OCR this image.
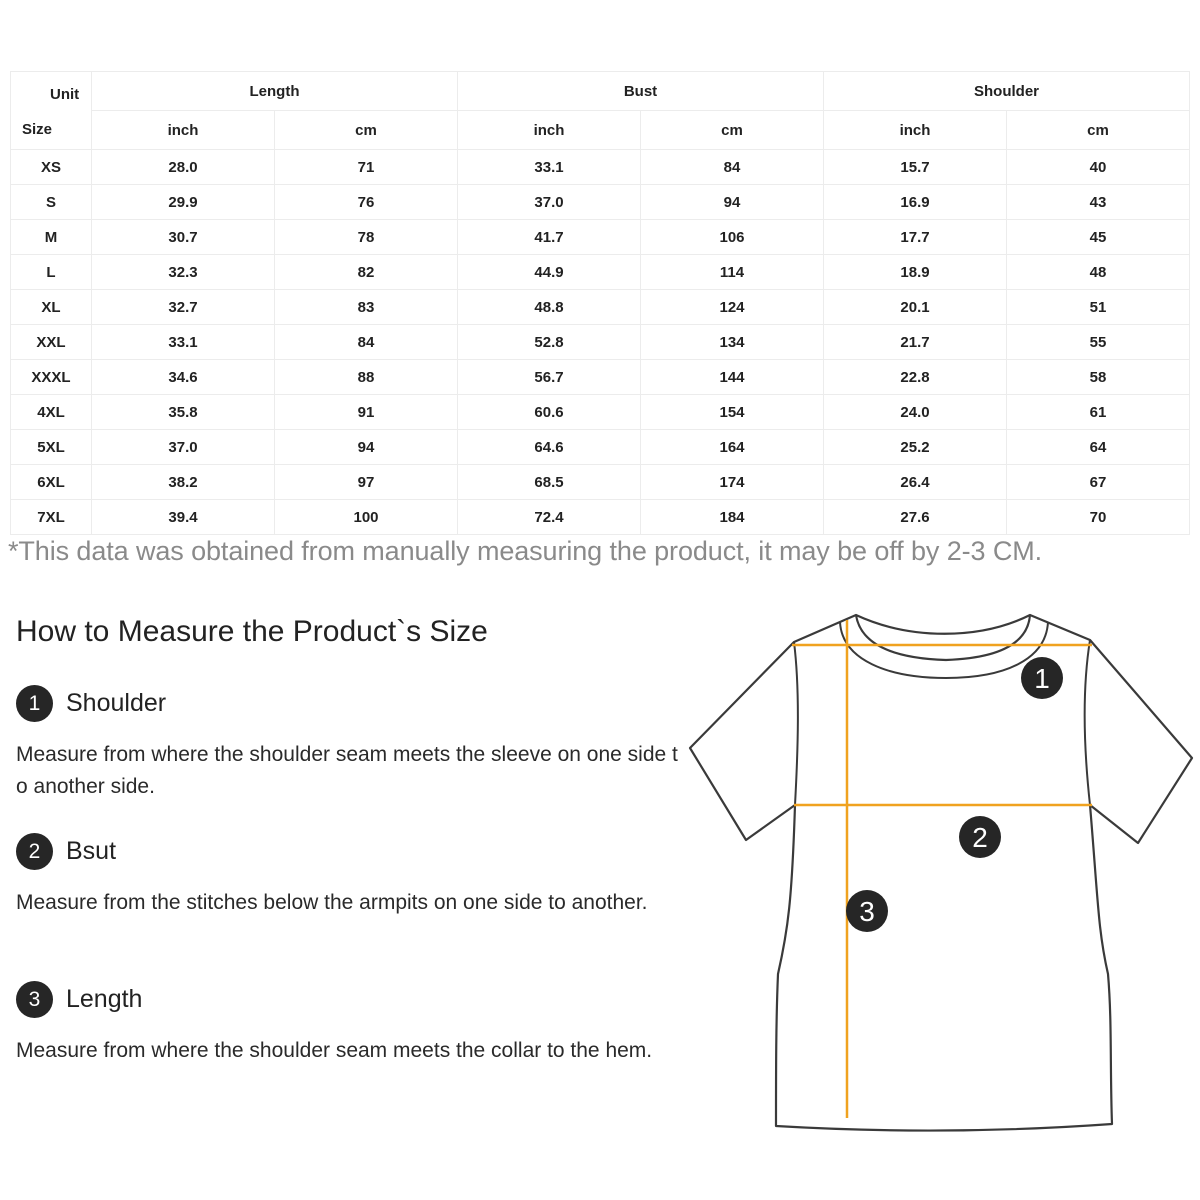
Unit
Size	Length		Bust		Shoulder	
	inch	cm	inch	cm	inch	cm
XS	28.0	71	33.1	84	15.7	40
S	29.9	76	37.0	94	16.9	43
M	30.7	78	41.7	106	17.7	45
L	32.3	82	44.9	114	18.9	48
XL	32.7	83	48.8	124	20.1	51
XXL	33.1	84	52.8	134	21.7	55
XXXL	34.6	88	56.7	144	22.8	58
4XL	35.8	91	60.6	154	24.0	61
5XL	37.0	94	64.6	164	25.2	64
6XL	38.2	97	68.5	174	26.4	67
7XL	39.4	100	72.4	184	27.6	70
*This data was obtained from manually measuring the product, it may be off by 2-3 CM.
How to Measure the Product`s Size
1	Shoulder
Measure from where the shoulder seam meets the sleeve on one side to another side.
2	Bsut
Measure from the stitches below the armpits on one side to another.
3	Length
Measure from where the shoulder seam meets the collar to the hem.
1
2
3
